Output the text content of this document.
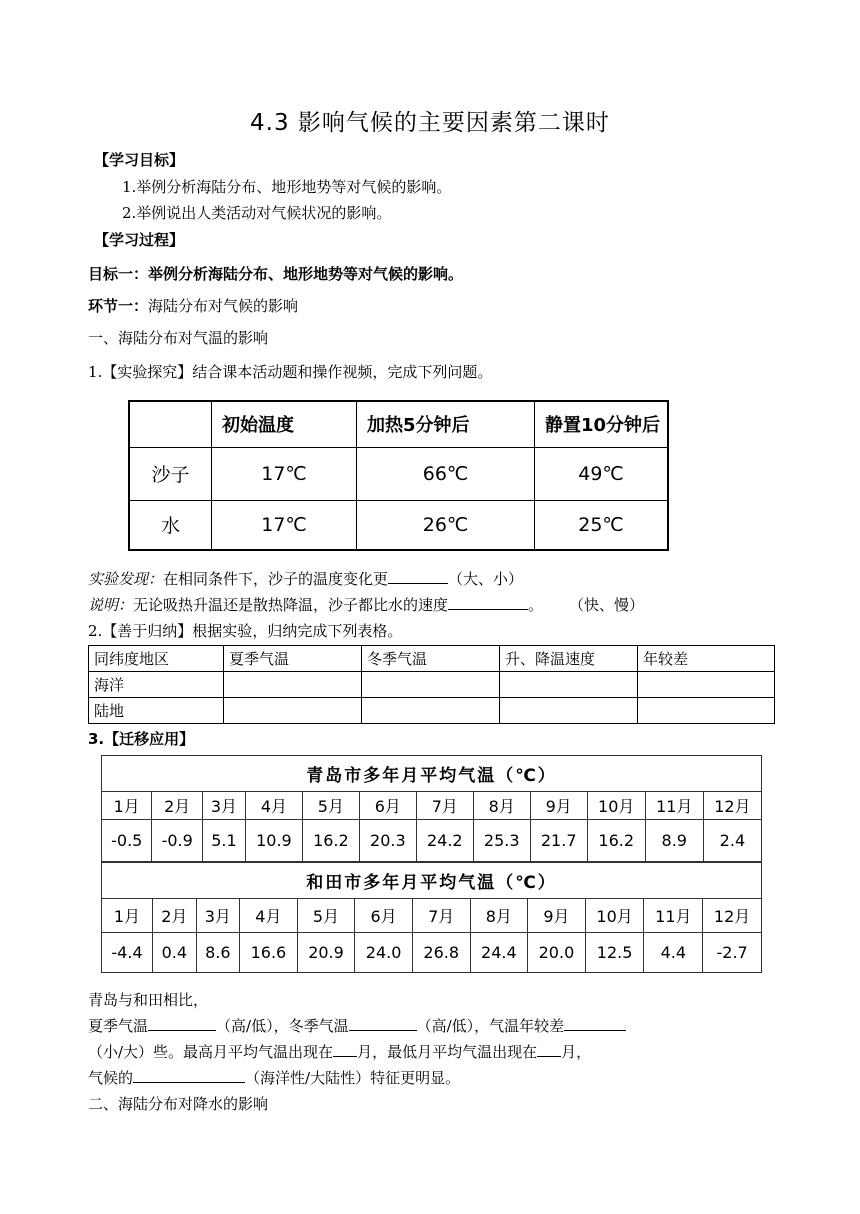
4.3 影响气候的主要因素第二课时
【学习目标】
1.举例分析海陆分布、地形地势等对气候的影响。
2.举例说出人类活动对气候状况的影响。
【学习过程】
目标一：举例分析海陆分布、地形地势等对气候的影响。
环节一：海陆分布对气候的影响
一、海陆分布对气温的影响
1.【实验探究】结合课本活动题和操作视频，完成下列问题。
	初始温度	加热5分钟后	静置10分钟后
沙子	17℃	66℃	49℃
水	17℃	26℃	25℃
实验发现：在相同条件下，沙子的温度变化更	（大、小）
说明：无论吸热升温还是散热降温，沙子都比水的速度	。 （快、慢）
2.【善于归纳】根据实验，归纳完成下列表格。
同纬度地区	夏季气温	冬季气温	升、降温速度	年较差
海洋				
陆地				
3.【迁移应用】
青岛市多年月平均气温（℃）											
1月	2月	3月	4月	5月	6月	7月	8月	9月	10月	11月	12月
-0.5	-0.9	5.1	10.9	16.2	20.3	24.2	25.3	21.7	16.2	8.9	2.4
和田市多年月平均气温（℃）											
1月	2月	3月	4月	5月	6月	7月	8月	9月	10月	11月	12月
-4.4	0.4	8.6	16.6	20.9	24.0	26.8	24.4	20.0	12.5	4.4	-2.7
青岛与和田相比，
夏季气温	（高/低），冬季气温	（高/低），气温年较差
（小/大）些。最高月平均气温出现在 月，最低月平均气温出现在 月，
气候的	（海洋性/大陆性）特征更明显。
二、海陆分布对降水的影响
